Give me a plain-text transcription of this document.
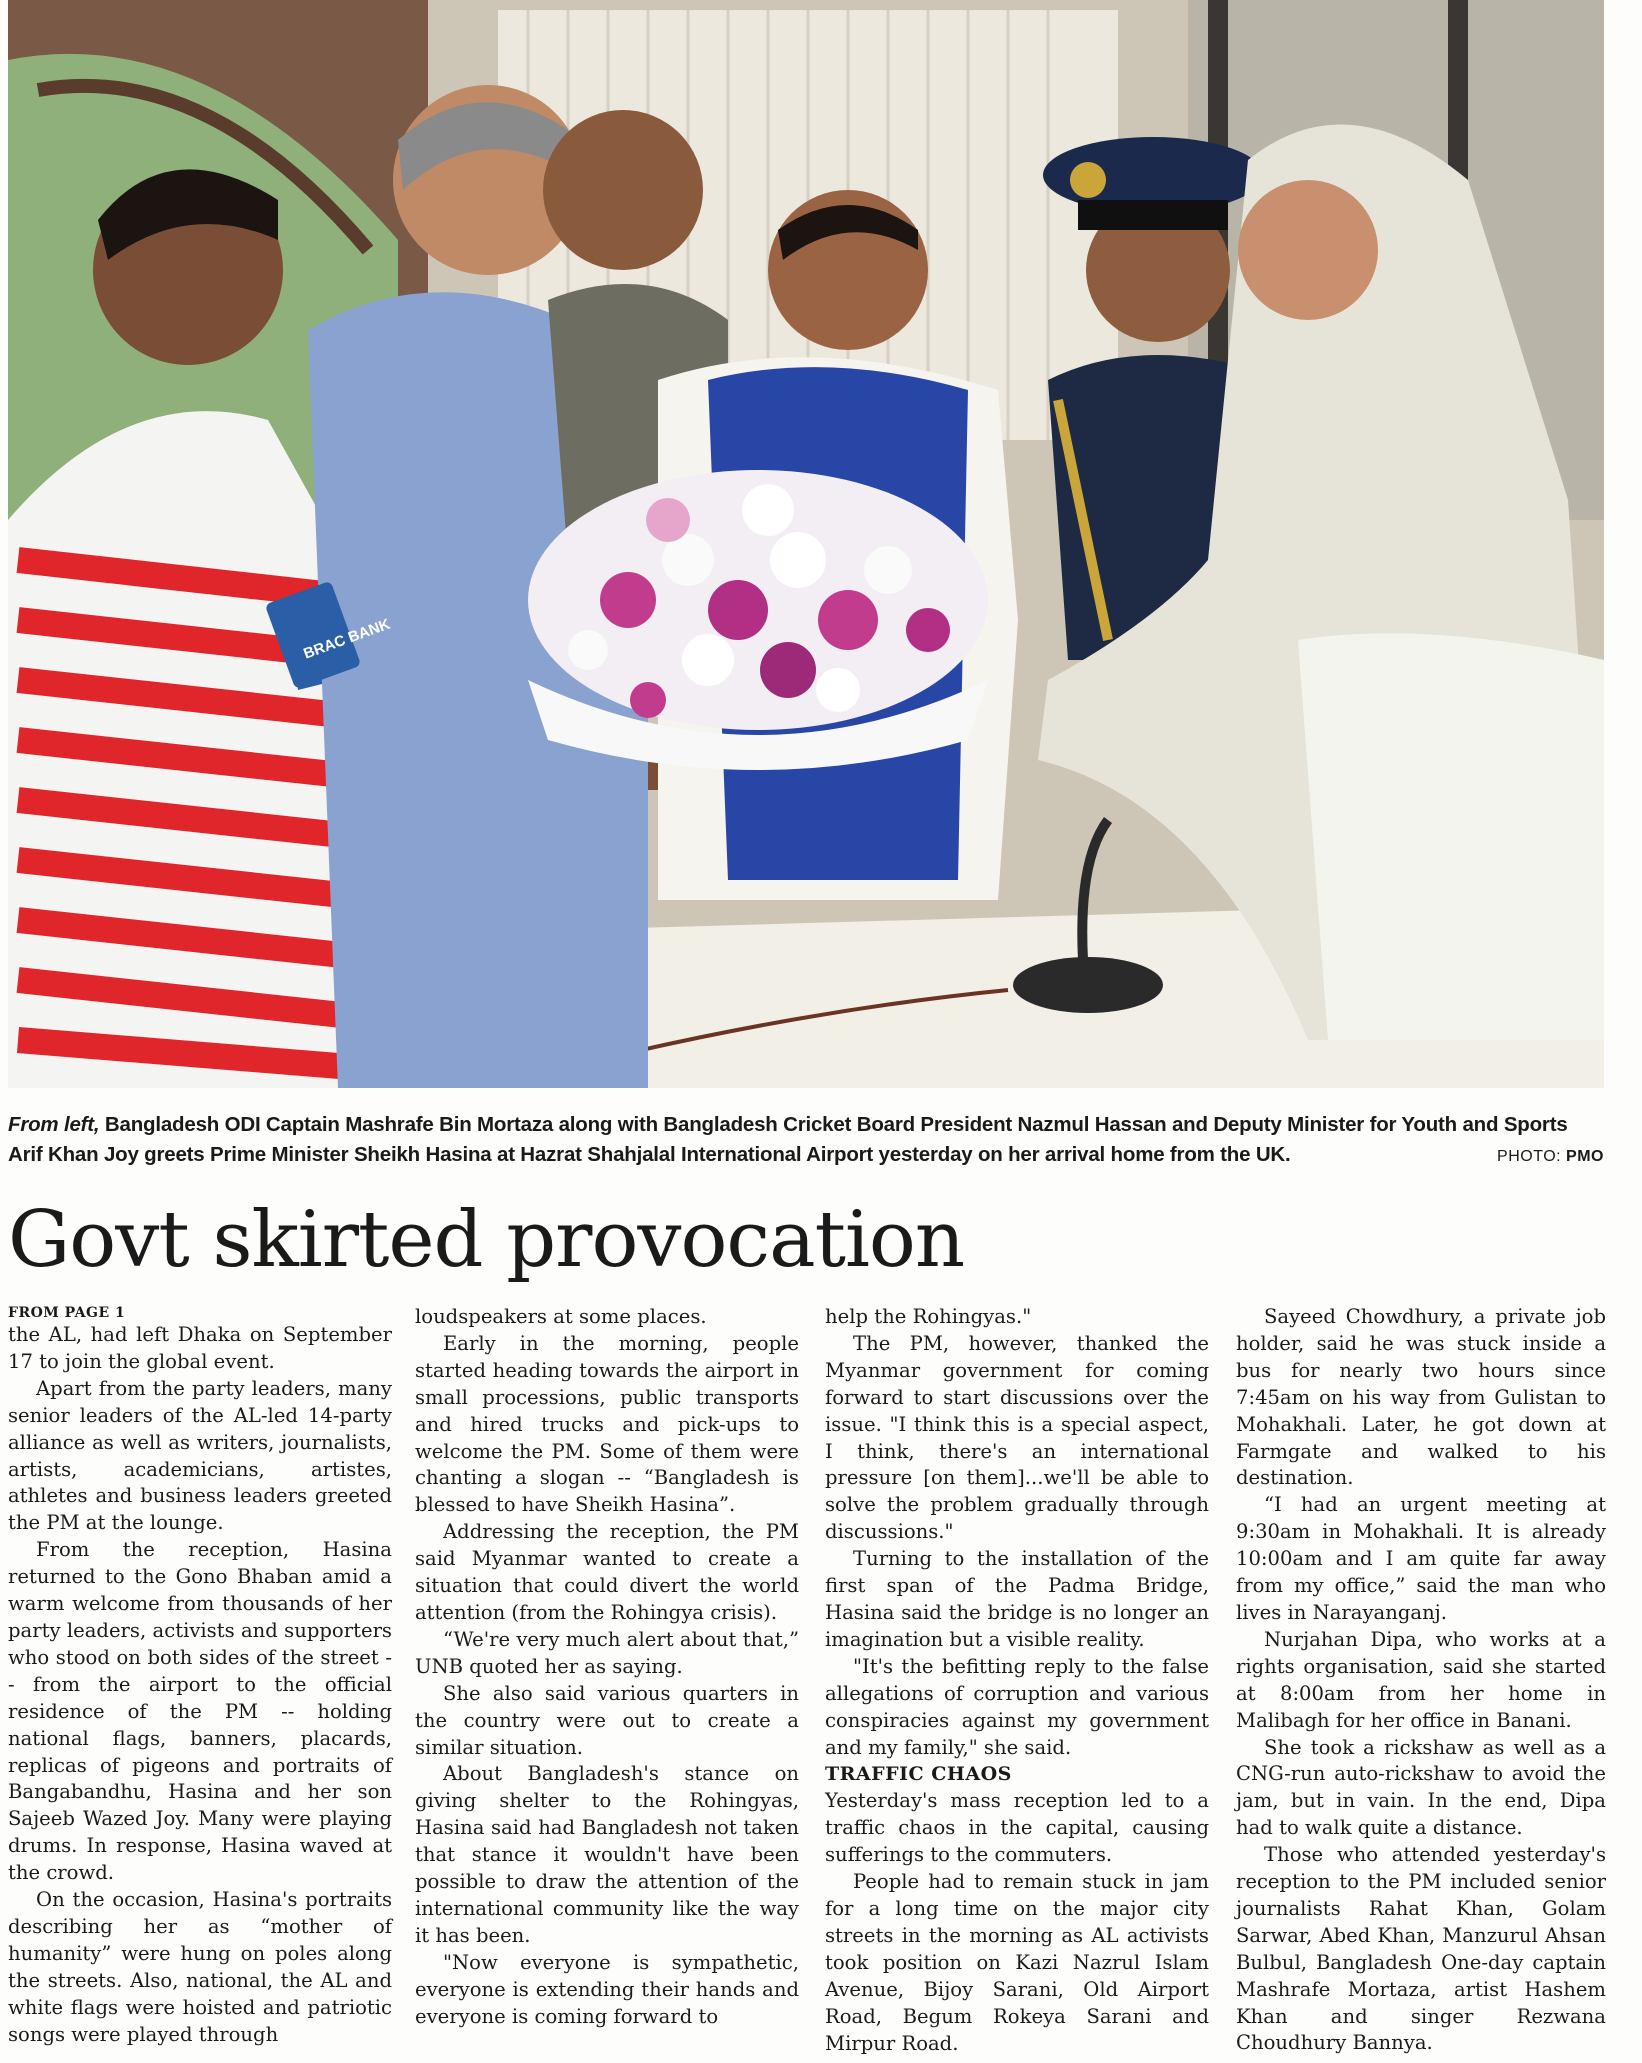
BRAC BANK
From left, Bangladesh ODI Captain Mashrafe Bin Mortaza along with Bangladesh Cricket Board President Nazmul Hassan and Deputy Minister for Youth and Sports Arif Khan Joy greets Prime Minister Sheikh Hasina at Hazrat Shahjalal International Airport yesterday on her arrival home from the UK.	PHOTO: PMO
Govt skirted provocation
FROM PAGE 1

the AL, had left Dhaka on September 17 to join the global event.

Apart from the party leaders, many senior leaders of the AL-led 14-party alliance as well as writers, journalists, artists, academicians, artistes, athletes and business leaders greeted the PM at the lounge.

From the reception, Hasina returned to the Gono Bhaban amid a warm welcome from thousands of her party leaders, activists and supporters who stood on both sides of the street -- from the airport to the official residence of the PM -- holding national flags, banners, placards, replicas of pigeons and portraits of Bangabandhu, Hasina and her son Sajeeb Wazed Joy. Many were playing drums. In response, Hasina waved at the crowd.

On the occasion, Hasina's portraits describing her as “mother of humanity” were hung on poles along the streets. Also, national, the AL and white flags were hoisted and patriotic songs were played through

loudspeakers at some places.

Early in the morning, people started heading towards the airport in small processions, public transports and hired trucks and pick-ups to welcome the PM. Some of them were chanting a slogan -- “Bangladesh is blessed to have Sheikh Hasina”.

Addressing the reception, the PM said Myanmar wanted to create a situation that could divert the world attention (from the Rohingya crisis).

“We're very much alert about that,” UNB quoted her as saying.

She also said various quarters in the country were out to create a similar situation.

About Bangladesh's stance on giving shelter to the Rohingyas, Hasina said had Bangladesh not taken that stance it wouldn't have been possible to draw the attention of the international community like the way it has been.

"Now everyone is sympathetic, everyone is extending their hands and everyone is coming forward to

help the Rohingyas."

The PM, however, thanked the Myanmar government for coming forward to start discussions over the issue. "I think this is a special aspect, I think, there's an international pressure [on them]...we'll be able to solve the problem gradually through discussions."

Turning to the installation of the first span of the Padma Bridge, Hasina said the bridge is no longer an imagination but a visible reality.

"It's the befitting reply to the false allegations of corruption and various conspiracies against my government and my family," she said.

TRAFFIC CHAOS

Yesterday's mass reception led to a traffic chaos in the capital, causing sufferings to the commuters.

People had to remain stuck in jam for a long time on the major city streets in the morning as AL activists took position on Kazi Nazrul Islam Avenue, Bijoy Sarani, Old Airport Road, Begum Rokeya Sarani and Mirpur Road.

Sayeed Chowdhury, a private job holder, said he was stuck inside a bus for nearly two hours since 7:45am on his way from Gulistan to Mohakhali. Later, he got down at Farmgate and walked to his destination.

“I had an urgent meeting at 9:30am in Mohakhali. It is already 10:00am and I am quite far away from my office,” said the man who lives in Narayanganj.

Nurjahan Dipa, who works at a rights organisation, said she started at 8:00am from her home in Malibagh for her office in Banani.

She took a rickshaw as well as a CNG-run auto-rickshaw to avoid the jam, but in vain. In the end, Dipa had to walk quite a distance.

Those who attended yesterday's reception to the PM included senior journalists Rahat Khan, Golam Sarwar, Abed Khan, Manzurul Ahsan Bulbul, Bangladesh One-day captain Mashrafe Mortaza, artist Hashem Khan and singer Rezwana Choudhury Bannya.
